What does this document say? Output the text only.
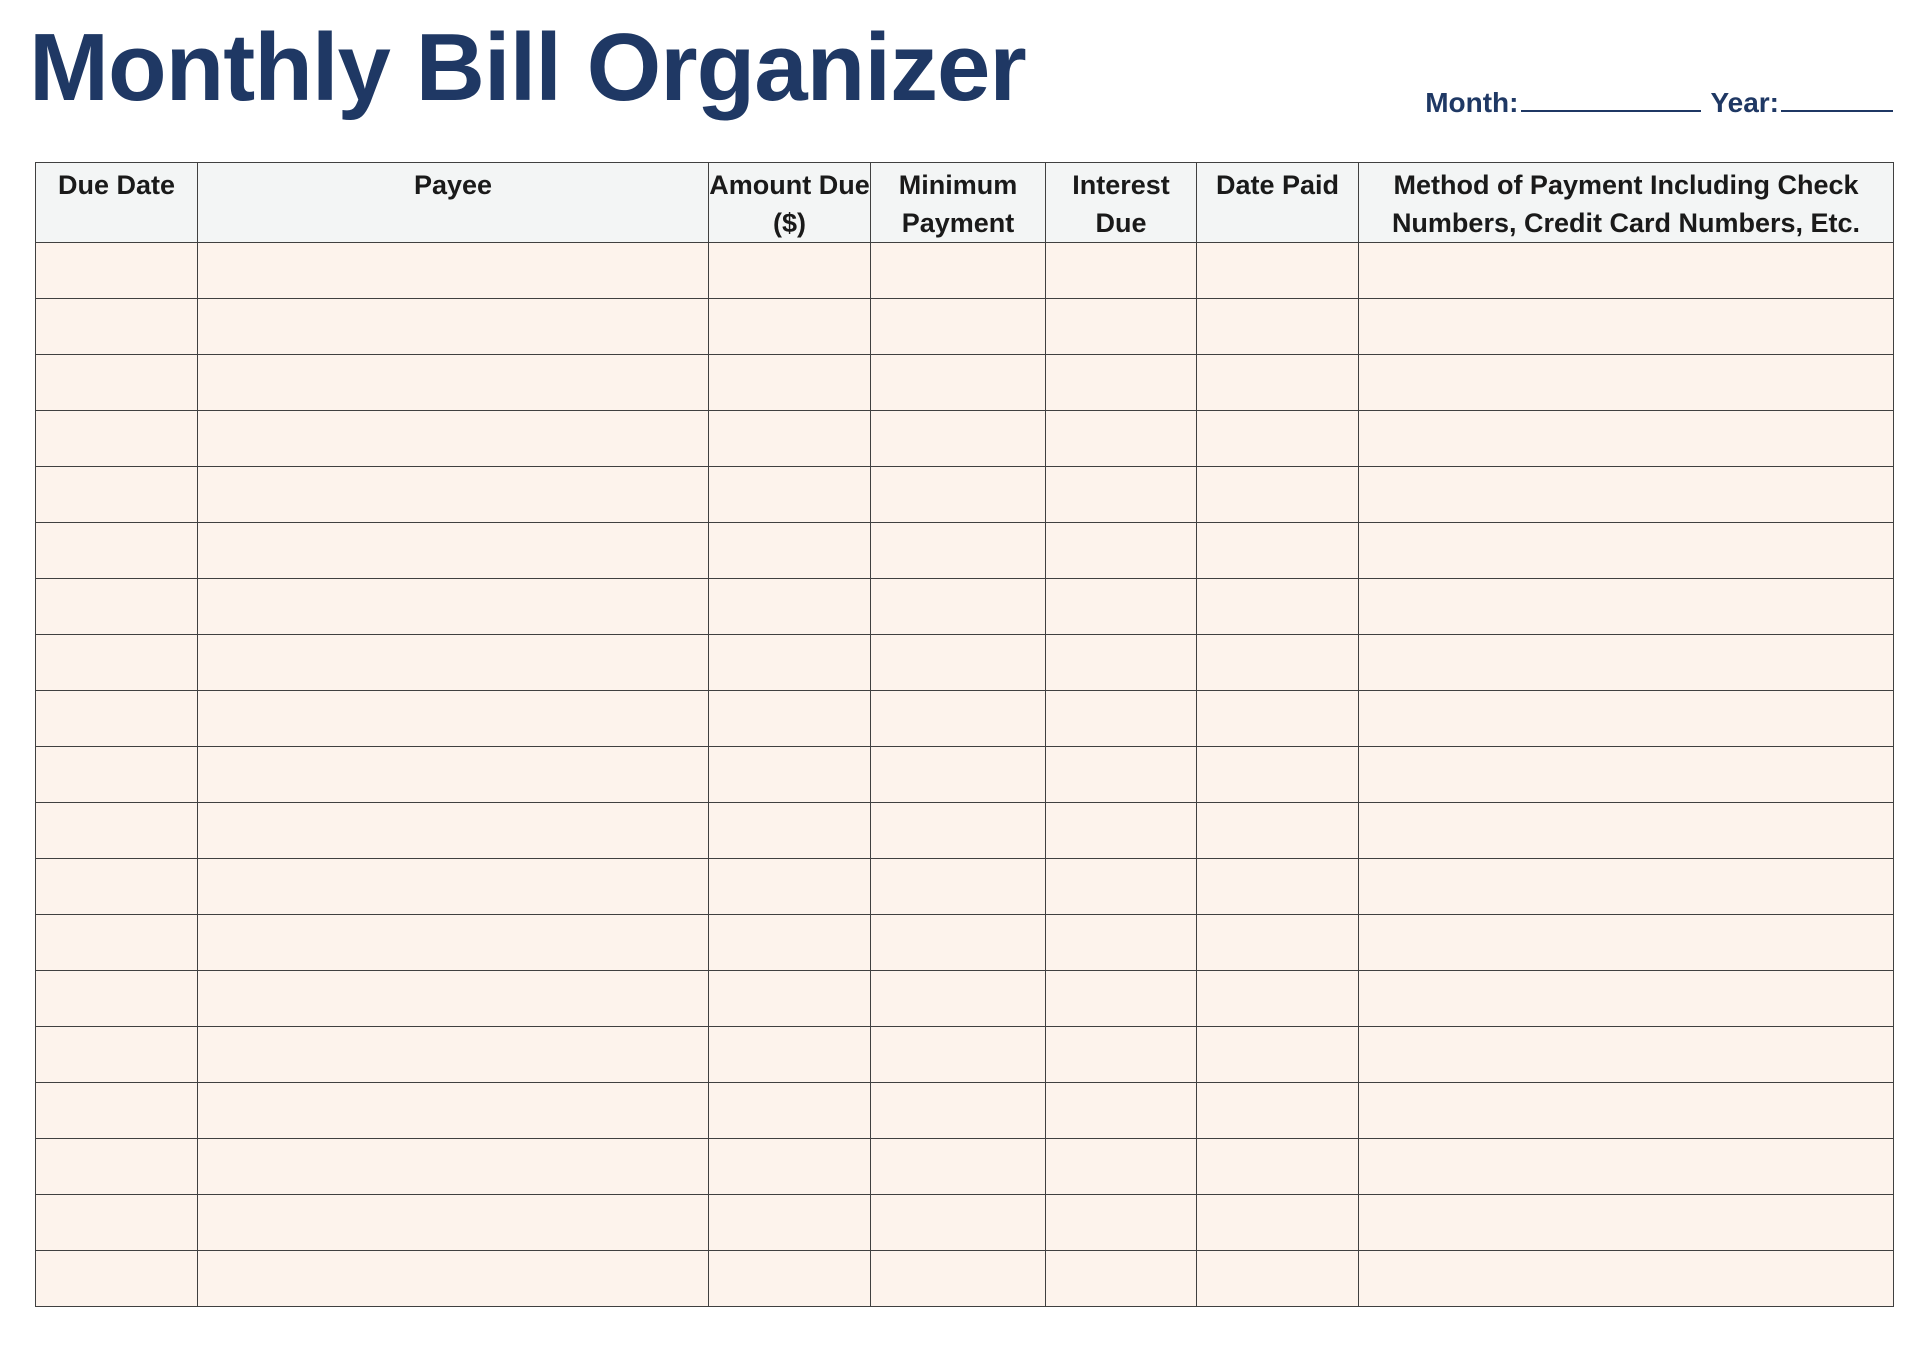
Monthly Bill Organizer	Month:	Year:
Due Date	Payee	Amount Due ($)	Minimum Payment	Interest Due	Date Paid	Method of Payment Including Check Numbers, Credit Card Numbers, Etc.
